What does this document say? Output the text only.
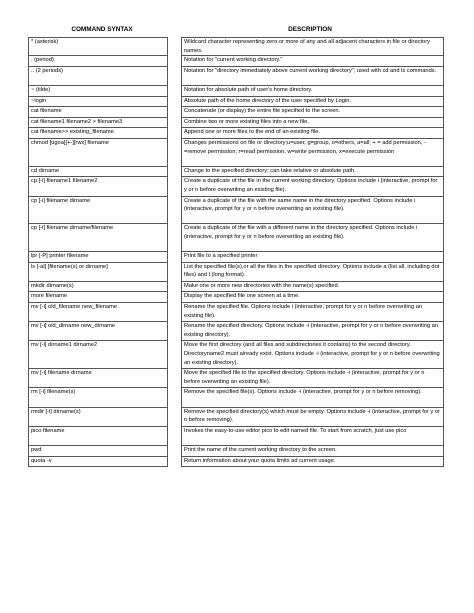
COMMAND SYNTAX	DESCRIPTION
* (asterisk)	Wildcard character representing zero or more of any and all adjacent characters in file or directory names.
. (period)	Notation for "current working directory."
.. (2 periods)	Notation for "directory immediately above current working directory"; used with cd and ls commands.
~ (tilde)	Notation for absolute path of user's home directory.
~login	Absolute path of the home directory of the user specified by Login.
cat filename	Concatenate (or display) the entire file specified to the screen.
cat filename1 filename2 > filename3	Combine two or more existing files into a new file.
cat filename>> existing_filename	Append one or more files to the end of an existing file.
chmod [ugoa][+-][rwx] filename	Changes permissions on file or directory;u=user, g=group, o=others, a=all; + = add permission, -=remove permission; r=read permission, w=write permission, x=execute permission
cd dirname	Change to the specified directory; can take relative or absolute path.
cp [-i] filename1 filename2	Create a duplicate of the file in the current working directory. Options include i (interactive, prompt for y or n before overwriting an existing file).
cp [-i] filename dirname	Create a duplicate of the file with the same name in the directory specified. Options include i (interactive, prompt for y or n before overwriting an existing file).
cp [-i] filename dirname/filename	Create a duplicate of the file with a different name in the directory specified. Options include i (interactive, prompt for y or n before overwriting an existing file).
lpr [-P] printer filename	Print file to a specified printer
ls [-al] [filename(s) or dirname]	List the specified file(s),or all the files in the specified directory. Options include a (list all, including dot files) and l (long format).
mkdir dirname(s)	Make one or more new directories with the name(s) specified.
more filename	Display the specified file one screen at a time.
mv [-i] old_filename new_filename	Rename the specified file. Options include i (interactive, prompt for y or n before overwriting an existing file).
mv [-i] old_dirname new_dirname	Rename the specified directory. Options include -i (interactive, prompt for y or n before overwriting an existing directory).
mv [-i] dirname1 dirname2	Move the first directory (and all files and subdirectories it contains) to the second directory. Directoryname2 must already exist. Options include -i (interactive, prompt for y or n before overwriting an existing directory).
mv [-i] filename dirname	Move the specified file to the specified directory. Options include -i (interactive, prompt for y or n before overwriting an existing file).
rm [-i] filename(s)	Remove the specified file(s). Options include -i (interactive, prompt for y or n before removing).
rmdir [-i] dirname(s)	Remove the specified directory(s) which must be empty. Options include -i (interactive, prompt for y or n before removing).
pico filename	Invokes the easy-to-use editor pico to edit named file. To start from scratch, just use pico
pwd	Print the name of the current working directory to the screen.
quota -v	Return information about your quota limits ad current usage.
